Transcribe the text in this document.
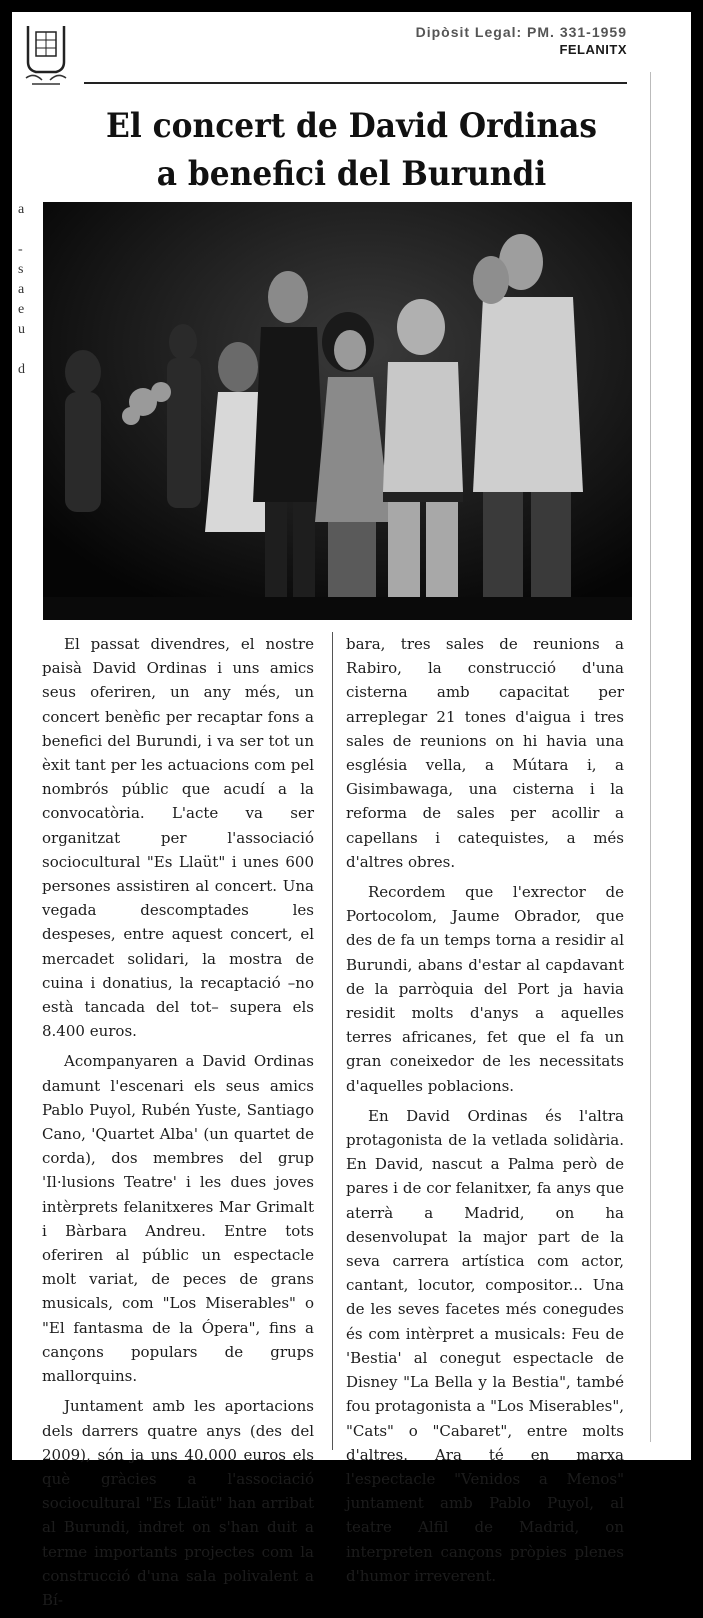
Dipòsit Legal: PM. 331-1959
FELANITX
El concert de David Ordinas
a benefici del Burundi
a
-
s
a
e
u
d

El passat divendres, el nostre paisà David Ordinas i uns amics seus oferiren, un any més, un concert benèfic per recaptar fons a benefici del Burundi, i va ser tot un èxit tant per les actuacions com pel nombrós públic que acudí a la convocatòria. L'acte va ser organitzat per l'associació sociocultural "Es Llaüt" i unes 600 persones assistiren al concert. Una vegada descomptades les despeses, entre aquest concert, el mercadet solidari, la mostra de cuina i donatius, la recaptació –no està tancada del tot– supera els 8.400 euros.

Acompanyaren a David Ordinas damunt l'escenari els seus amics Pablo Puyol, Rubén Yuste, Santiago Cano, 'Quartet Alba' (un quartet de corda), dos membres del grup 'Il·lusions Teatre' i les dues joves intèrprets felanitxeres Mar Grimalt i Bàrbara Andreu. Entre tots oferiren al públic un espectacle molt variat, de peces de grans musicals, com "Los Miserables" o "El fantasma de la Ópera", fins a cançons populars de grups mallorquins.

Juntament amb les aportacions dels darrers quatre anys (des del 2009), són ja uns 40.000 euros els què gràcies a l'associació sociocultural "Es Llaüt" han arribat al Burundi, indret on s'han duit a terme importants projectes com la construcció d'una sala polivalent a Bí-

bara, tres sales de reunions a Rabiro, la construcció d'una cisterna amb capacitat per arreplegar 21 tones d'aigua i tres sales de reunions on hi havia una església vella, a Mútara i, a Gisimbawaga, una cisterna i la reforma de sales per acollir a capellans i catequistes, a més d'altres obres.

Recordem que l'exrector de Portocolom, Jaume Obrador, que des de fa un temps torna a residir al Burundi, abans d'estar al capdavant de la parròquia del Port ja havia residit molts d'anys a aquelles terres africanes, fet que el fa un gran coneixedor de les necessitats d'aquelles poblacions.

En David Ordinas és l'altra protagonista de la vetlada solidària. En David, nascut a Palma però de pares i de cor felanitxer, fa anys que aterrà a Madrid, on ha desenvolupat la major part de la seva carrera artística com actor, cantant, locutor, compositor... Una de les seves facetes més conegudes és com intèrpret a musicals: Feu de 'Bestia' al conegut espectacle de Disney "La Bella y la Bestia", també fou protagonista a "Los Miserables", "Cats" o "Cabaret", entre molts d'altres. Ara té en marxa l'espectacle "Venidos a Menos" juntament amb Pablo Puyol, al teatre Alfil de Madrid, on interpreten cançons pròpies plenes d'humor irreverent.
